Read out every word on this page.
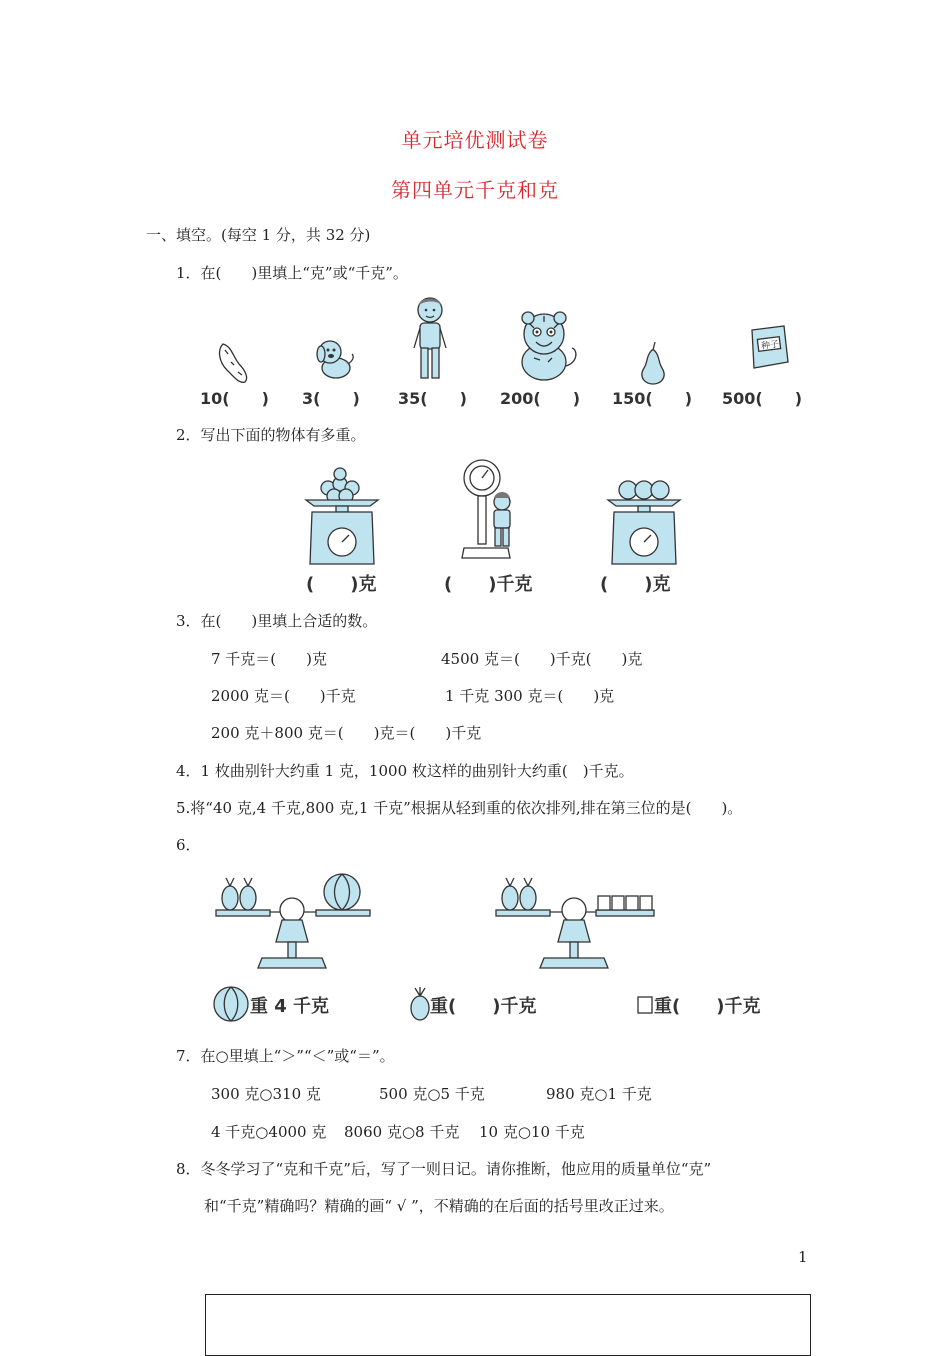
单元培优测试卷
第四单元千克和克
一、填空。(每空 1 分，共 32 分)
1．在(　　)里填上“克”或“千克”。
种子
10(　　) 3(　　) 35(　　) 200(　　) 150(　　) 500(　　)
2．写出下面的物体有多重。
(　　)克	(　　)千克	(　　)克
3．在(　　)里填上合适的数。
7 千克＝(　　)克	4500 克＝(　　)千克(　　)克
2000 克＝(　　)千克	1 千克 300 克＝(　　)克
200 克＋800 克＝(　　)克＝(　　)千克
4．1 枚曲别针大约重 1 克，1000 枚这样的曲别针大约重(　)千克。
5.将“40 克,4 千克,800 克,1 千克”根据从轻到重的依次排列,排在第三位的是(　　)。
6．
重 4 千克	重(　　)千克	重(　　)千克
7．在○里填上“＞”“＜”或“＝”。
300 克○310 克	500 克○5 千克	980 克○1 千克
4 千克○4000 克 8060 克○8 千克 10 克○10 千克
8．冬冬学习了“克和千克”后，写了一则日记。请你推断，他应用的质量单位“克”
和“千克”精确吗？精确的画“ √ ”，不精确的在后面的括号里改正过来。
1
